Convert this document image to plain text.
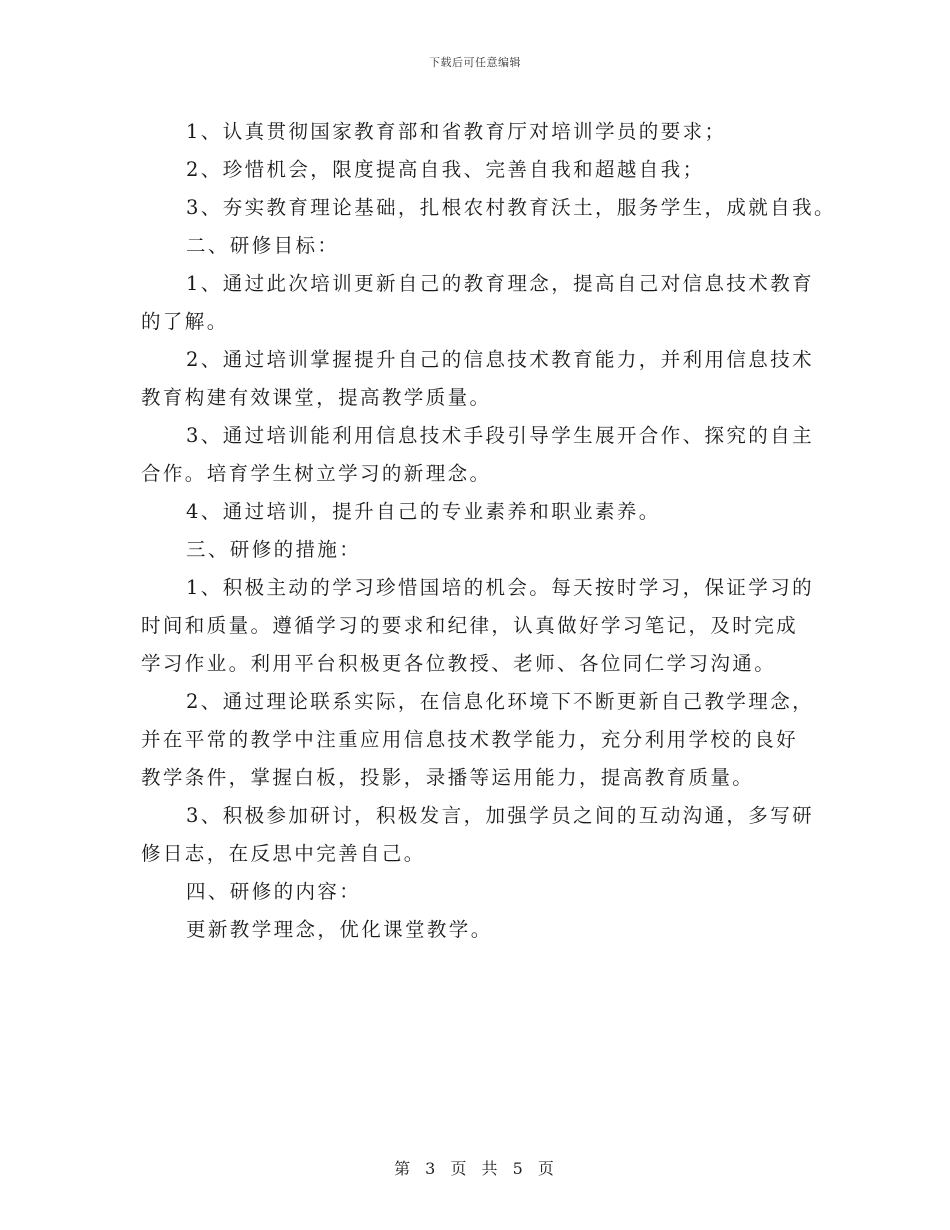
下载后可任意编辑
1、认真贯彻国家教育部和省教育厅对培训学员的要求；
2、珍惜机会，限度提高自我、完善自我和超越自我；
3、夯实教育理论基础，扎根农村教育沃土，服务学生，成就自我。
二、研修目标：
1、通过此次培训更新自己的教育理念，提高自己对信息技术教育
的了解。
2、通过培训掌握提升自己的信息技术教育能力，并利用信息技术
教育构建有效课堂，提高教学质量。
3、通过培训能利用信息技术手段引导学生展开合作、探究的自主
合作。培育学生树立学习的新理念。
4、通过培训，提升自己的专业素养和职业素养。
三、研修的措施：
1、积极主动的学习珍惜国培的机会。每天按时学习，保证学习的
时间和质量。遵循学习的要求和纪律，认真做好学习笔记，及时完成
学习作业。利用平台积极更各位教授、老师、各位同仁学习沟通。
2、通过理论联系实际，在信息化环境下不断更新自己教学理念，
并在平常的教学中注重应用信息技术教学能力，充分利用学校的良好
教学条件，掌握白板，投影，录播等运用能力，提高教育质量。
3、积极参加研讨，积极发言，加强学员之间的互动沟通，多写研
修日志，在反思中完善自己。
四、研修的内容：
更新教学理念，优化课堂教学。
第 3 页 共 5 页
